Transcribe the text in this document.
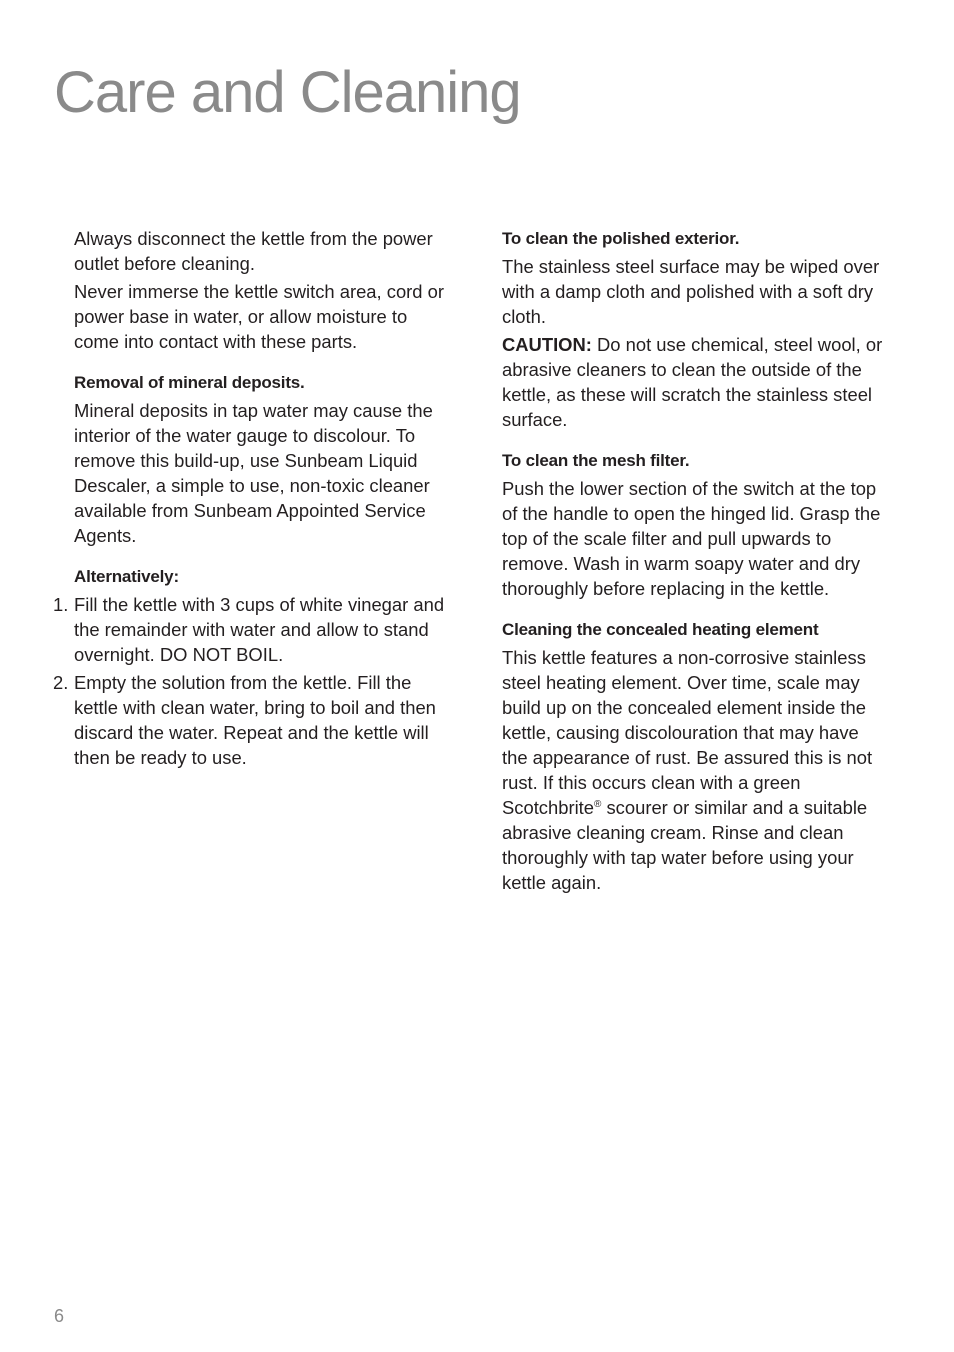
Care and Cleaning

Always disconnect the kettle from the power outlet before cleaning.

Never immerse the kettle switch area, cord or power base in water, or allow moisture to come into contact with these parts.

Removal of mineral deposits.

Mineral deposits in tap water may cause the interior of the water gauge to discolour. To remove this build-up, use Sunbeam Liquid Descaler, a simple to use, non-toxic cleaner available from Sunbeam Appointed Service Agents.

Alternatively:
1. Fill the kettle with 3 cups of white vinegar and the remainder with water and allow to stand overnight. DO NOT BOIL.
2. Empty the solution from the kettle. Fill the kettle with clean water, bring to boil and then discard the water. Repeat and the kettle will then be ready to use.
To clean the polished exterior.

The stainless steel surface may be wiped over with a damp cloth and polished with a soft dry cloth.

CAUTION: Do not use chemical, steel wool, or abrasive cleaners to clean the outside of the kettle, as these will scratch the stainless steel surface.

To clean the mesh filter.

Push the lower section of the switch at the top of the handle to open the hinged lid. Grasp the top of the scale filter and pull upwards to remove. Wash in warm soapy water and dry thoroughly before replacing in the kettle.

Cleaning the concealed heating element

This kettle features a non-corrosive stainless steel heating element. Over time, scale may build up on the concealed element inside the kettle, causing discolouration that may have the appearance of rust. Be assured this is not rust. If this occurs clean with a green Scotchbrite® scourer or similar and a suitable abrasive cleaning cream. Rinse and clean thoroughly with tap water before using your kettle again.

6
